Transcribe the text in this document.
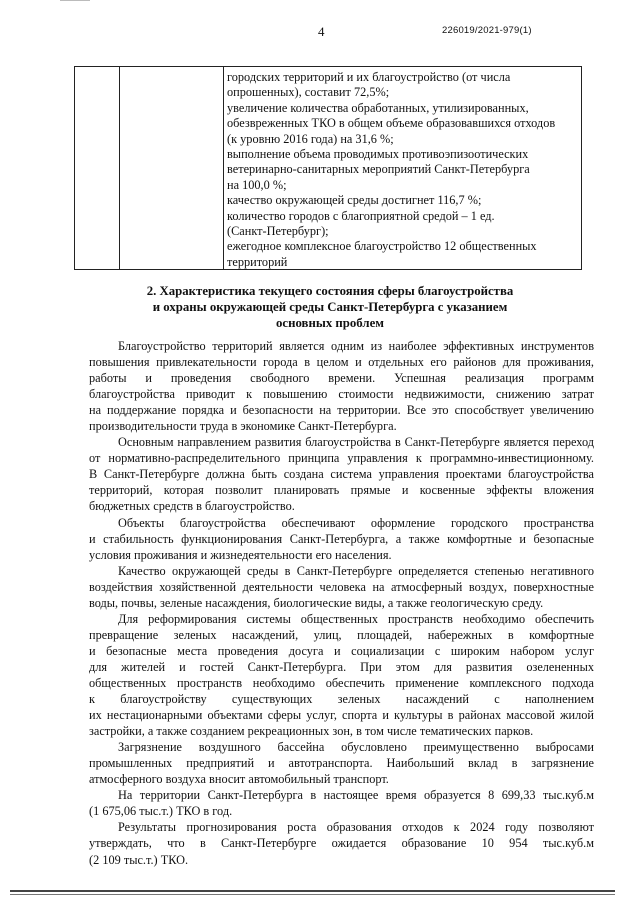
4	226019/2021-979(1)
городских территорий и их благоустройство (от числа
опрошенных), составит 72,5%;
увеличение количества обработанных, утилизированных,
обезвреженных ТКО в общем объеме образовавшихся отходов
(к уровню 2016 года) на 31,6 %;
выполнение объема проводимых противоэпизоотических
ветеринарно-санитарных мероприятий Санкт-Петербурга
на 100,0 %;
качество окружающей среды достигнет 116,7 %;
количество городов с благоприятной средой – 1 ед.
(Санкт-Петербург);
ежегодное комплексное благоустройство 12 общественных
территорий
2. Характеристика текущего состояния сферы благоустройства
и охраны окружающей среды Санкт-Петербурга с указанием
основных проблем
Благоустройство территорий является одним из наиболее эффективных инструментов
повышения привлекательности города в целом и отдельных его районов для проживания,
работы и проведения свободного времени. Успешная реализация программ
благоустройства приводит к повышению стоимости недвижимости, снижению затрат
на поддержание порядка и безопасности на территории. Все это способствует увеличению
производительности труда в экономике Санкт-Петербурга.
Основным направлением развития благоустройства в Санкт-Петербурге является переход
от нормативно-распределительного принципа управления к программно-инвестиционному.
В Санкт-Петербурге должна быть создана система управления проектами благоустройства
территорий, которая позволит планировать прямые и косвенные эффекты вложения
бюджетных средств в благоустройство.
Объекты благоустройства обеспечивают оформление городского пространства
и стабильность функционирования Санкт-Петербурга, а также комфортные и безопасные
условия проживания и жизнедеятельности его населения.
Качество окружающей среды в Санкт-Петербурге определяется степенью негативного
воздействия хозяйственной деятельности человека на атмосферный воздух, поверхностные
воды, почвы, зеленые насаждения, биологические виды, а также геологическую среду.
Для реформирования системы общественных пространств необходимо обеспечить
превращение зеленых насаждений, улиц, площадей, набережных в комфортные
и безопасные места проведения досуга и социализации с широким набором услуг
для жителей и гостей Санкт-Петербурга. При этом для развития озелененных
общественных пространств необходимо обеспечить применение комплексного подхода
к благоустройству существующих зеленых насаждений с наполнением
их нестационарными объектами сферы услуг, спорта и культуры в районах массовой жилой
застройки, а также созданием рекреационных зон, в том числе тематических парков.
Загрязнение воздушного бассейна обусловлено преимущественно выбросами
промышленных предприятий и автотранспорта. Наибольший вклад в загрязнение
атмосферного воздуха вносит автомобильный транспорт.
На территории Санкт-Петербурга в настоящее время образуется 8 699,33 тыс.куб.м
(1 675,06 тыс.т.) ТКО в год.
Результаты прогнозирования роста образования отходов к 2024 году позволяют
утверждать, что в Санкт-Петербурге ожидается образование 10 954 тыс.куб.м
(2 109 тыс.т.) ТКО.
